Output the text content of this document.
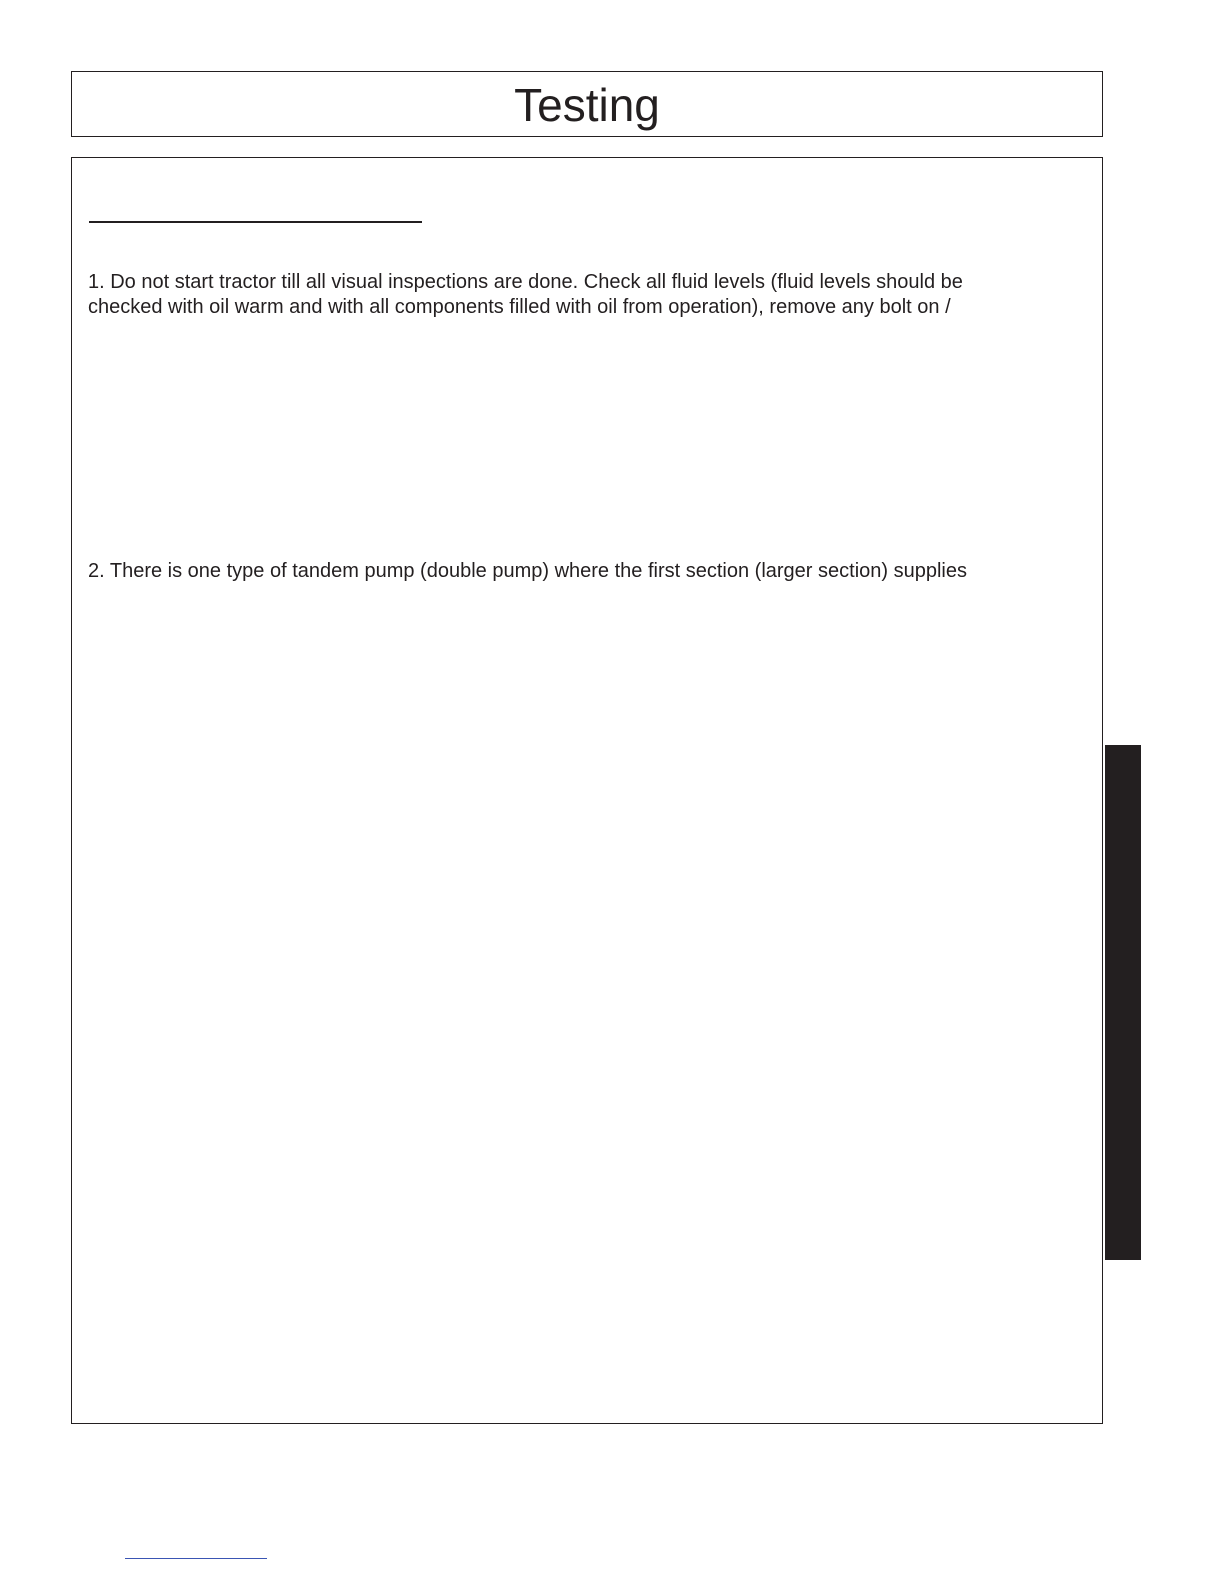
Testing

1. Do not start tractor till all visual inspections are done. Check all fluid levels (fluid levels should be
checked with oil warm and with all components filled with oil from operation), remove any bolt on /

2. There is one type of tandem pump (double pump) where the first section (larger section) supplies
